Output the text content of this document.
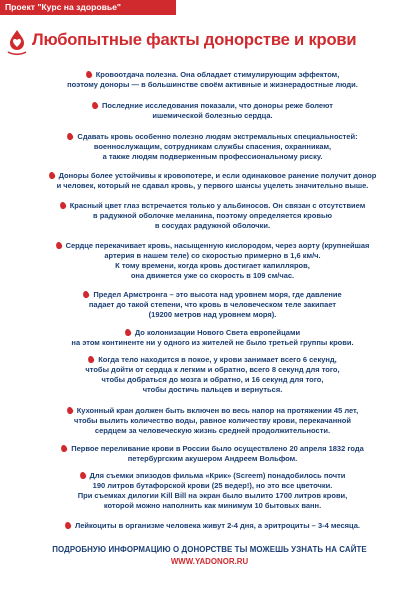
Проект "Курс на здоровье"
Любопытные факты донорстве и крови
Кровоотдача полезна. Она обладает стимулирующим эффектом,
поэтому доноры — в большинстве своём активные и жизнерадостные люди.
Последние исследования показали, что доноры реже болеют
ишемической болезнью сердца.
Сдавать кровь особенно полезно людям экстремальных специальностей:
военнослужащим, сотрудникам службы спасения, охранникам,
а также людям подверженным профессиональному риску.
Доноры более устойчивы к кровопотере, и если одинаковое ранение получит донор
и человек, который не сдавал кровь, у первого шансы уцелеть значительно выше.
Красный цвет глаз встречается только у альбиносов. Он связан с отсутствием
в радужной оболочке меланина, поэтому определяется кровью
в сосудах радужной оболочки.
Сердце перекачивает кровь, насыщенную кислородом, через аорту (крупнейшая
артерия в нашем теле) со скоростью примерно в 1,6 км/ч.
К тому времени, когда кровь достигает капилляров,
она движется уже со скорость в 109 см/час.
Предел Армстронга – это высота над уровнем моря, где давление
падает до такой степени, что кровь в человеческом теле закипает
(19200 метров над уровнем моря).
До колонизации Нового Света европейцами
на этом континенте ни у одного из жителей не было третьей группы крови.
Когда тело находится в покое, у крови занимает всего 6 секунд,
чтобы дойти от сердца к легким и обратно, всего 8 секунд для того,
чтобы добраться до мозга и обратно, и 16 секунд для того,
чтобы достичь пальцев и вернуться.
Кухонный кран должен быть включен во весь напор на протяжении 45 лет,
чтобы вылить количество воды, равное количеству крови, перекачанной
сердцем за человеческую жизнь средней продолжительности.
Первое переливание крови в России было осуществлено 20 апреля 1832 года
петербургским акушером Андреем Вольфом.
Для съемки эпизодов фильма «Крик» (Screem) понадобилось почти
190 литров бутафорской крови (25 ведер!), но это все цветочки.
При съемках дилогии Kill Bill на экран было вылито 1700 литров крови,
которой можно наполнить как минимум 10 бытовых ванн.
Лейкоциты в организме человека живут 2-4 дня, а эритроциты – 3-4 месяца.
ПОДРОБНУЮ ИНФОРМАЦИЮ О ДОНОРСТВЕ ТЫ МОЖЕШЬ УЗНАТЬ НА САЙТЕ
WWW.YADONOR.RU
